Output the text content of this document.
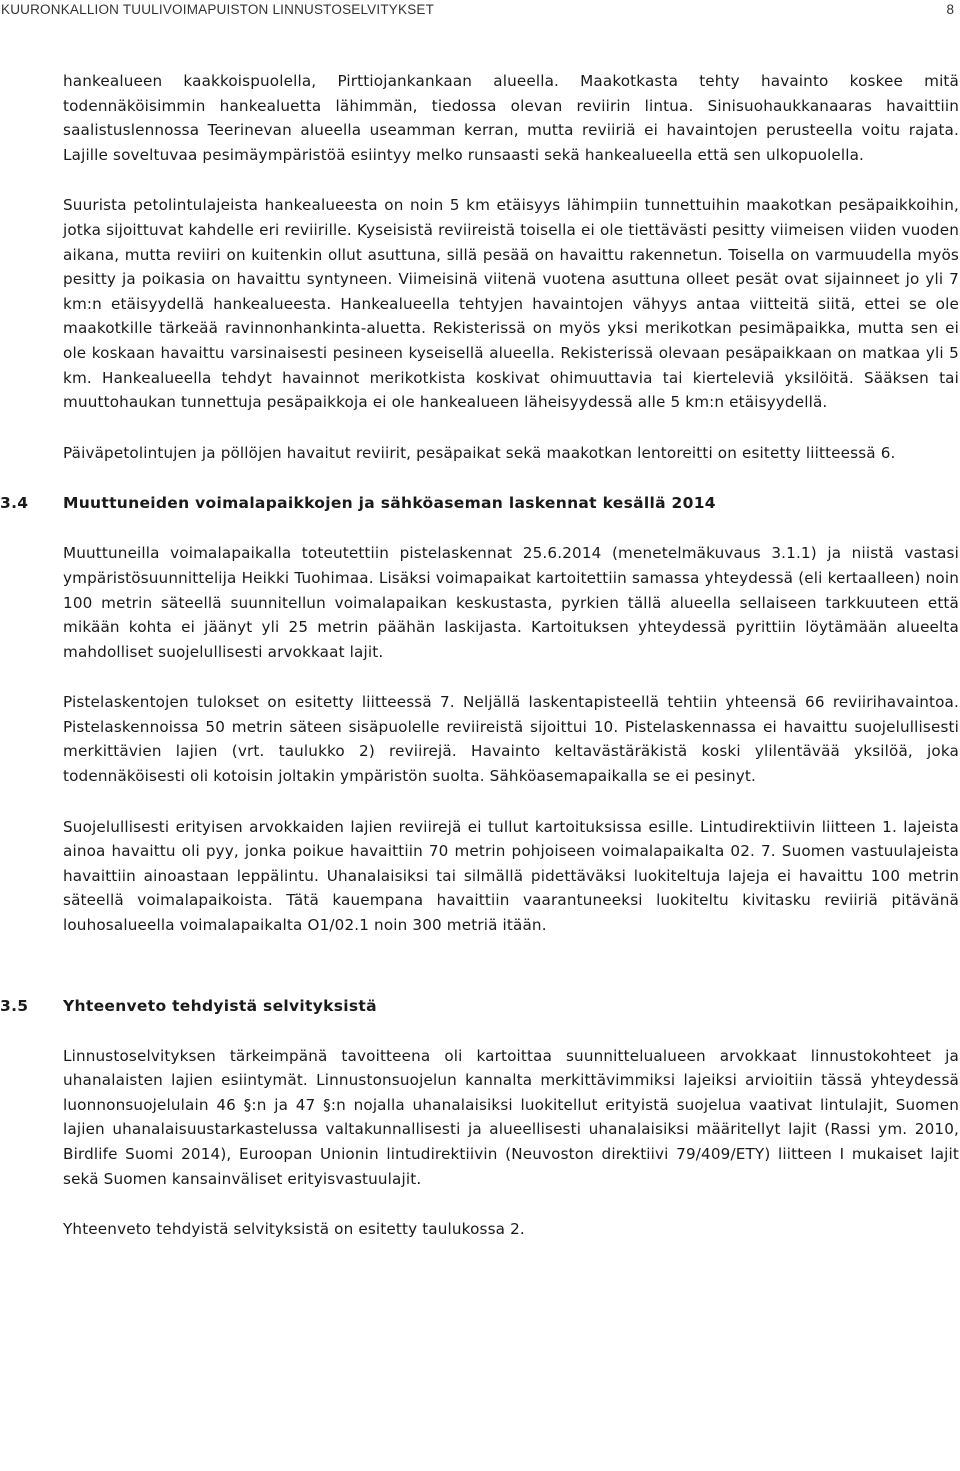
KUURONKALLION TUULIVOIMAPUISTON LINNUSTOSELVITYKSET	8

hankealueen kaakkoispuolella, Pirttiojankankaan alueella. Maakotkasta tehty havainto koskee mitä todennäköisimmin hankealuetta lähimmän, tiedossa olevan reviirin lintua. Sinisuohaukkanaaras havaittiin saalistuslennossa Teerinevan alueella useamman kerran, mutta reviiriä ei havaintojen perusteella voitu rajata. Lajille soveltuvaa pesimäympäristöä esiintyy melko runsaasti sekä hankealueella että sen ulkopuolella.

Suurista petolintulajeista hankealueesta on noin 5 km etäisyys lähimpiin tunnettuihin maakotkan pesäpaikkoihin, jotka sijoittuvat kahdelle eri reviirille. Kyseisistä reviireistä toisella ei ole tiettävästi pesitty viimeisen viiden vuoden aikana, mutta reviiri on kuitenkin ollut asuttuna, sillä pesää on havaittu rakennetun. Toisella on varmuudella myös pesitty ja poikasia on havaittu syntyneen. Viimeisinä viitenä vuotena asuttuna olleet pesät ovat sijainneet jo yli 7 km:n etäisyydellä hankealueesta. Hankealueella tehtyjen havaintojen vähyys antaa viitteitä siitä, ettei se ole maakotkille tärkeää ravinnonhankinta-aluetta. Rekisterissä on myös yksi merikotkan pesimäpaikka, mutta sen ei ole koskaan havaittu varsinaisesti pesineen kyseisellä alueella. Rekisterissä olevaan pesäpaikkaan on matkaa yli 5 km. Hankealueella tehdyt havainnot merikotkista koskivat ohimuuttavia tai kierteleviä yksilöitä. Sääksen tai muuttohaukan tunnettuja pesäpaikkoja ei ole hankealueen läheisyydessä alle 5 km:n etäisyydellä.

Päiväpetolintujen ja pöllöjen havaitut reviirit, pesäpaikat sekä maakotkan lentoreitti on esitetty liitteessä 6.

3.4	Muuttuneiden voimalapaikkojen ja sähköaseman laskennat kesällä 2014

Muuttuneilla voimalapaikalla toteutettiin pistelaskennat 25.6.2014 (menetelmäkuvaus 3.1.1) ja niistä vastasi ympäristösuunnittelija Heikki Tuohimaa. Lisäksi voimapaikat kartoitettiin samassa yhteydessä (eli kertaalleen) noin 100 metrin säteellä suunnitellun voimalapaikan keskustasta, pyrkien tällä alueella sellaiseen tarkkuuteen että mikään kohta ei jäänyt yli 25 metrin päähän laskijasta. Kartoituksen yhteydessä pyrittiin löytämään alueelta mahdolliset suojelullisesti arvokkaat lajit.

Pistelaskentojen tulokset on esitetty liitteessä 7. Neljällä laskentapisteellä tehtiin yhteensä 66 reviirihavaintoa. Pistelaskennoissa 50 metrin säteen sisäpuolelle reviireistä sijoittui 10. Pistelaskennassa ei havaittu suojelullisesti merkittävien lajien (vrt. taulukko 2) reviirejä. Havainto keltavästäräkistä koski ylilentävää yksilöä, joka todennäköisesti oli kotoisin joltakin ympäristön suolta. Sähköasemapaikalla se ei pesinyt.

Suojelullisesti erityisen arvokkaiden lajien reviirejä ei tullut kartoituksissa esille. Lintudirektiivin liitteen 1. lajeista ainoa havaittu oli pyy, jonka poikue havaittiin 70 metrin pohjoiseen voimalapaikalta 02. 7. Suomen vastuulajeista havaittiin ainoastaan leppälintu. Uhanalaisiksi tai silmällä pidettäväksi luokiteltuja lajeja ei havaittu 100 metrin säteellä voimalapaikoista. Tätä kauempana havaittiin vaarantuneeksi luokiteltu kivitasku reviiriä pitävänä louhosalueella voimalapaikalta O1/02.1 noin 300 metriä itään.

3.5	Yhteenveto tehdyistä selvityksistä

Linnustoselvityksen tärkeimpänä tavoitteena oli kartoittaa suunnittelualueen arvokkaat linnustokohteet ja uhanalaisten lajien esiintymät. Linnustonsuojelun kannalta merkittävimmiksi lajeiksi arvioitiin tässä yhteydessä luonnonsuojelulain 46 §:n ja 47 §:n nojalla uhanalaisiksi luokitellut erityistä suojelua vaativat lintulajit, Suomen lajien uhanalaisuustarkastelussa valtakunnallisesti ja alueellisesti uhanalaisiksi määritellyt lajit (Rassi ym. 2010, Birdlife Suomi 2014), Euroopan Unionin lintudirektiivin (Neuvoston direktiivi 79/409/ETY) liitteen I mukaiset lajit sekä Suomen kansainväliset erityisvastuulajit.

Yhteenveto tehdyistä selvityksistä on esitetty taulukossa 2.
